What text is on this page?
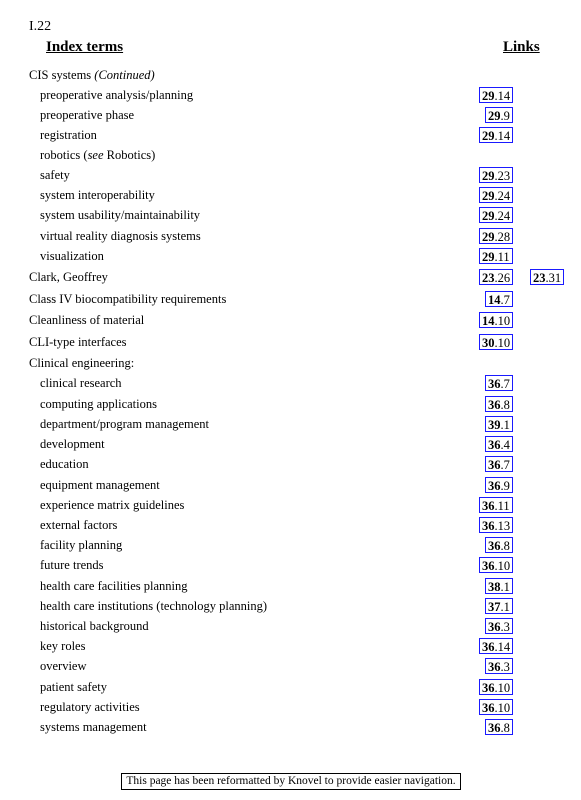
I.22
Index terms	Links
CIS systems (Continued)
preoperative analysis/planning	29.14
preoperative phase	29.9
registration	29.14
robotics (see Robotics)
safety	29.23
system interoperability	29.24
system usability/maintainability	29.24
virtual reality diagnosis systems	29.28
visualization	29.11
Clark, Geoffrey	23.26 23.31
Class IV biocompatibility requirements	14.7
Cleanliness of material	14.10
CLI-type interfaces	30.10
Clinical engineering:
clinical research	36.7
computing applications	36.8
department/program management	39.1
development	36.4
education	36.7
equipment management	36.9
experience matrix guidelines	36.11
external factors	36.13
facility planning	36.8
future trends	36.10
health care facilities planning	38.1
health care institutions (technology planning)	37.1
historical background	36.3
key roles	36.14
overview	36.3
patient safety	36.10
regulatory activities	36.10
systems management	36.8
This page has been reformatted by Knovel to provide easier navigation.
